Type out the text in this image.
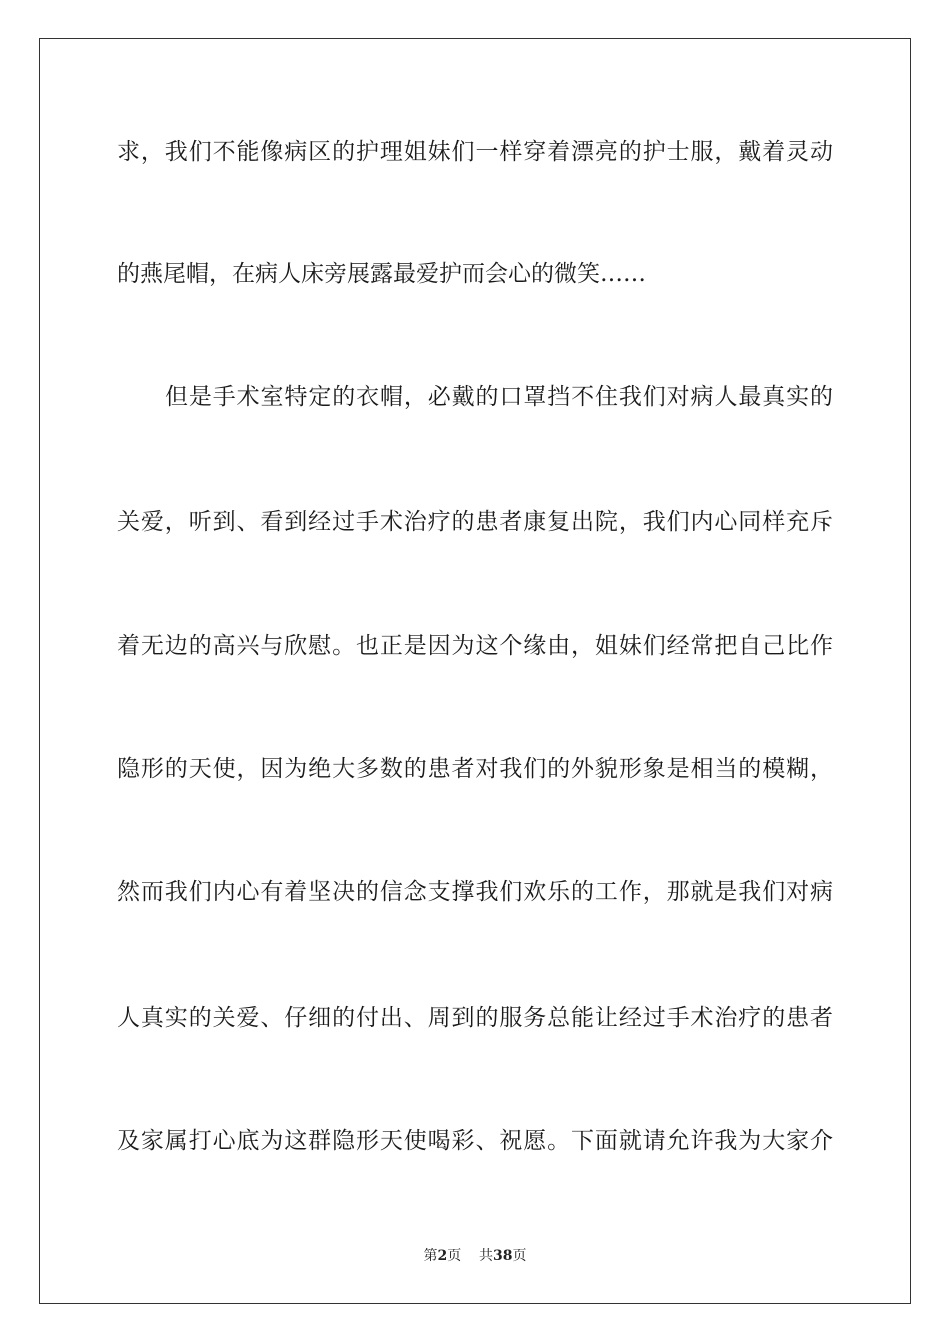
求，我们不能像病区的护理姐妹们一样穿着漂亮的护士服，戴着灵动
的燕尾帽，在病人床旁展露最爱护而会心的微笑……
但是手术室特定的衣帽，必戴的口罩挡不住我们对病人最真实的
关爱，听到、看到经过手术治疗的患者康复出院，我们内心同样充斥
着无边的高兴与欣慰。也正是因为这个缘由，姐妹们经常把自己比作
隐形的天使，因为绝大多数的患者对我们的外貌形象是相当的模糊，
然而我们内心有着坚决的信念支撑我们欢乐的工作，那就是我们对病
人真实的关爱、仔细的付出、周到的服务总能让经过手术治疗的患者
及家属打心底为这群隐形天使喝彩、祝愿。下面就请允许我为大家介
第2页 共38页
